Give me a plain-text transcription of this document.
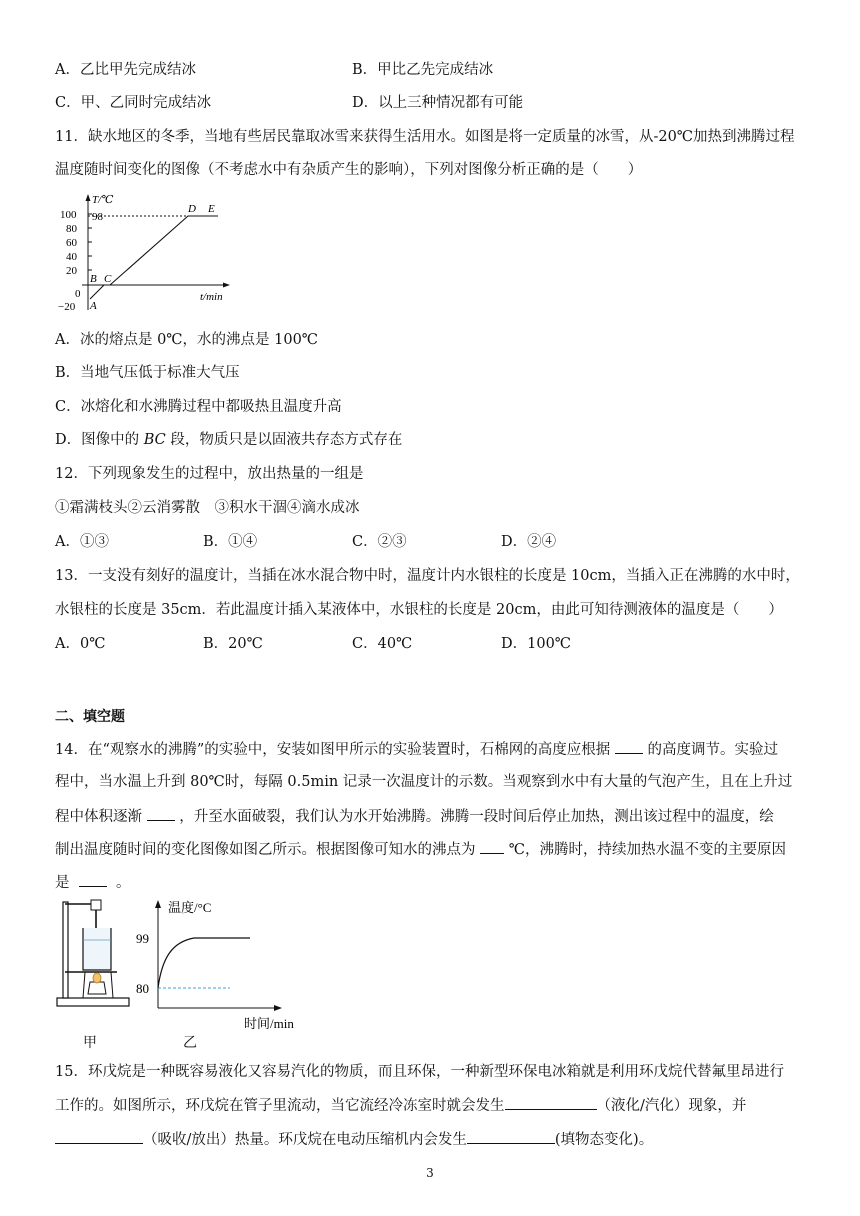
A．乙比甲先完成结冰	B．甲比乙先完成结冰
C．甲、乙同时完成结冰	D．以上三种情况都有可能
11．缺水地区的冬季，当地有些居民靠取冰雪来获得生活用水。如图是将一定质量的冰雪，从-20℃加热到沸腾过程
温度随时间变化的图像（不考虑水中有杂质产生的影响），下列对图像分析正确的是（　　）
T/℃
100
80
60
40
20
0
−20
98
t/min
A
B C
D E
A．冰的熔点是 0℃，水的沸点是 100℃
B．当地气压低于标准大气压
C．冰熔化和水沸腾过程中都吸热且温度升高
D．图像中的 BC 段，物质只是以固液共存态方式存在
12．下列现象发生的过程中，放出热量的一组是
①霜满枝头②云消雾散　③积水干涸④滴水成冰
A．①③	B．①④	C．②③	D．②④
13．一支没有刻好的温度计，当插在冰水混合物中时，温度计内水银柱的长度是 10cm，当插入正在沸腾的水中时，
水银柱的长度是 35cm．若此温度计插入某液体中，水银柱的长度是 20cm，由此可知待测液体的温度是（　　）
A．0℃	B．20℃	C．40℃	D．100℃
二、填空题
14．在“观察水的沸腾”的实验中，安装如图甲所示的实验装置时，石棉网的高度应根据	的高度调节。实验过
程中，当水温上升到 80℃时，每隔 0.5min 记录一次温度计的示数。当观察到水中有大量的气泡产生，且在上升过
程中体积逐渐	，升至水面破裂，我们认为水开始沸腾。沸腾一段时间后停止加热，测出该过程中的温度，绘
制出温度随时间的变化图像如图乙所示。根据图像可知水的沸点为 ℃，沸腾时，持续加热水温不变的主要原因
是	。
甲
温度/°C
99
80
时间/min
乙
15．环戊烷是一种既容易液化又容易汽化的物质，而且环保，一种新型环保电冰箱就是利用环戊烷代替氟里昂进行
工作的。如图所示，环戊烷在管子里流动，当它流经冷冻室时就会发生	（液化/汽化）现象，并
（吸收/放出）热量。环戊烷在电动压缩机内会发生	(填物态变化)。
3
